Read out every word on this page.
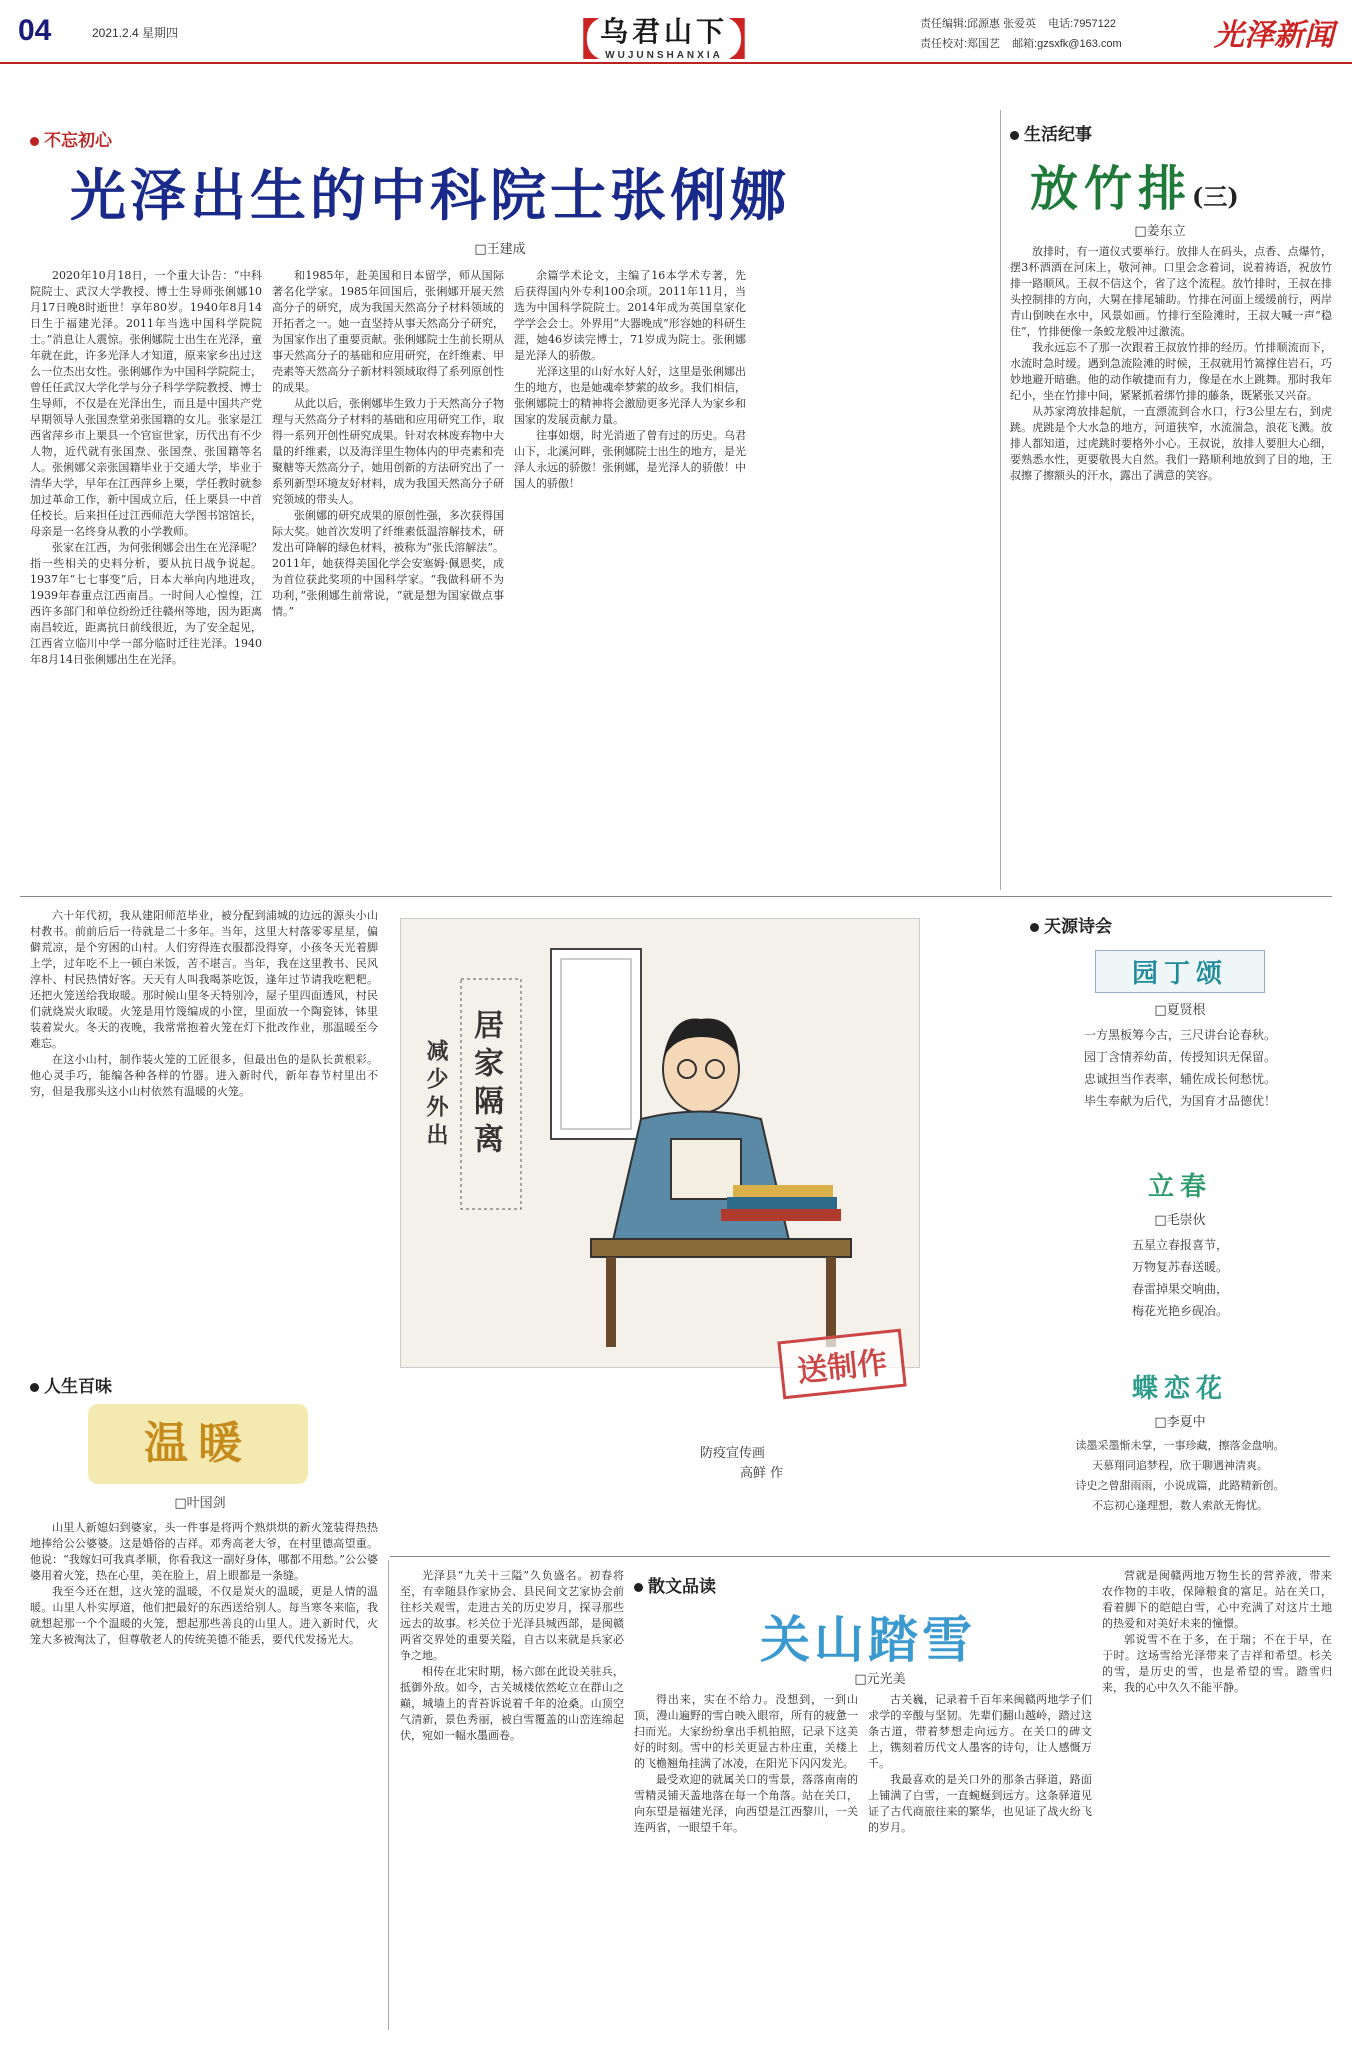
04	2021.2.4 星期四	【 乌君山下
WUJUNSHANXIA 】	责任编辑:邱源惠 张爱英 电话:7957122
责任校对:郑国艺 邮箱:gzsxfk@163.com	光泽新闻
不忘初心
光泽出生的中科院士张俐娜
□王建成

2020年10月18日，一个重大讣告：“中科院院士、武汉大学教授、博士生导师张俐娜10月17日晚8时逝世！享年80岁。1940年8月14日生于福建光泽。2011年当选中国科学院院士。”消息让人震惊。张俐娜院士出生在光泽，童年就在此，许多光泽人才知道，原来家乡出过这么一位杰出女性。张俐娜作为中国科学院院士，曾任任武汉大学化学与分子科学学院教授、博士生导师，不仅是在光泽出生，而且是中国共产党早期领导人张国焘堂弟张国籍的女儿。张家是江西省萍乡市上栗县一个官宦世家，历代出有不少人物，近代就有张国焘、张国焘、张国籍等名人。张俐娜父亲张国籍毕业于交通大学，毕业于清华大学，早年在江西萍乡上栗，学任教时就参加过革命工作，新中国成立后，任上栗县一中首任校长。后来担任过江西师范大学图书馆馆长，母亲是一名终身从教的小学教师。

张家在江西，为何张俐娜会出生在光泽呢？指一些相关的史料分析，要从抗日战争说起。1937年“七七事变”后，日本大举向内地进攻，1939年春重点江西南昌。一时间人心惶惶，江西许多部门和单位纷纷迁往赣州等地，因为距离南昌较近，距离抗日前线很近，为了安全起见，江西省立临川中学一部分临时迁往光泽。1940年8月14日张俐娜出生在光泽。

和1985年，赴美国和日本留学，师从国际著名化学家。1985年回国后，张俐娜开展天然高分子的研究，成为我国天然高分子材料领域的开拓者之一。她一直坚持从事天然高分子研究，为国家作出了重要贡献。张俐娜院士生前长期从事天然高分子的基础和应用研究，在纤维素、甲壳素等天然高分子新材料领域取得了系列原创性的成果。

从此以后，张俐娜毕生致力于天然高分子物理与天然高分子材料的基础和应用研究工作，取得一系列开创性研究成果。针对农林废弃物中大量的纤维素，以及海洋里生物体内的甲壳素和壳聚糖等天然高分子，她用创新的方法研究出了一系列新型环境友好材料，成为我国天然高分子研究领域的带头人。

张俐娜的研究成果的原创性强，多次获得国际大奖。她首次发明了纤维素低温溶解技术，研发出可降解的绿色材料，被称为“张氏溶解法”。2011年，她获得美国化学会安塞姆·佩恩奖，成为首位获此奖项的中国科学家。“我做科研不为功利，”张俐娜生前常说，“就是想为国家做点事情。”

余篇学术论文，主编了16本学术专著，先后获得国内外专利100余项。2011年11月，当选为中国科学院院士。2014年成为英国皇家化学学会会士。外界用“大器晚成”形容她的科研生涯，她46岁读完博士，71岁成为院士。张俐娜是光泽人的骄傲。

光泽这里的山好水好人好，这里是张俐娜出生的地方，也是她魂牵梦萦的故乡。我们相信，张俐娜院士的精神将会激励更多光泽人为家乡和国家的发展贡献力量。

往事如烟，时光消逝了曾有过的历史。乌君山下，北溪河畔，张俐娜院士出生的地方，是光泽人永远的骄傲！张俐娜，是光泽人的骄傲！中国人的骄傲！

生活纪事
放竹排(三)
□姜东立

放排时，有一道仪式要举行。放排人在码头，点香、点爆竹，摆3杯酒酒在河床上，敬河神。口里会念着词，说着祷语，祝放竹排一路顺风。王叔不信这个，省了这个流程。放竹排时，王叔在排头控制排的方向，大舅在排尾辅助。竹排在河面上缓缓前行，两岸青山倒映在水中，风景如画。竹排行至险滩时，王叔大喊一声“稳住”，竹排便像一条蛟龙般冲过激流。

我永远忘不了那一次跟着王叔放竹排的经历。竹排顺流而下，水流时急时缓。遇到急流险滩的时候，王叔就用竹篙撑住岩石，巧妙地避开暗礁。他的动作敏捷而有力，像是在水上跳舞。那时我年纪小，坐在竹排中间，紧紧抓着绑竹排的藤条，既紧张又兴奋。

从苏家湾放排起航，一直漂流到合水口，行3公里左右，到虎跳。虎跳是个大水急的地方，河道狭窄，水流湍急，浪花飞溅。放排人都知道，过虎跳时要格外小心。王叔说，放排人要胆大心细，要熟悉水性，更要敬畏大自然。我们一路顺利地放到了目的地，王叔擦了擦额头的汗水，露出了满意的笑容。

六十年代初，我从建阳师范毕业，被分配到浦城的边远的源头小山村教书。前前后后一待就是二十多年。当年，这里大村落零零星星，偏僻荒凉，是个穷困的山村。人们穷得连衣服都没得穿，小孩冬天光着脚上学，过年吃不上一顿白米饭，苦不堪言。当年，我在这里教书、民风淳朴、村民热情好客。天天有人叫我喝茶吃饭，逢年过节请我吃粑粑。还把火笼送给我取暖。那时候山里冬天特别冷，屋子里四面透风，村民们就烧炭火取暖。火笼是用竹篾编成的小筐，里面放一个陶瓷钵，钵里装着炭火。冬天的夜晚，我常常抱着火笼在灯下批改作业，那温暖至今难忘。

在这小山村，制作装火笼的工匠很多，但最出色的是队长黄根彩。他心灵手巧，能编各种各样的竹器。进入新时代，新年春节村里出不穷，但是我那头这小山村依然有温暖的火笼。	居家隔离
减少外出
送制作
防疫宣传画
高鲜 作
天源诗会
园丁颂
□夏贤根
一方黑板筹今古，三尺讲台论春秋。
园丁含情养幼苗，传授知识无保留。
忠诚担当作表率，辅佐成长何愁忧。
毕生奉献为后代，为国育才品德优！
立春
□毛崇伙
五星立春报喜节，
万物复苏春送暖。
春雷掉果交响曲，
梅花光艳乡砚冶。
蝶恋花
□李夏中
读墨采墨惭未掌，一事珍藏，擦落金盘响。
天慕翔同追梦程，欣于聊遇神清爽。
诗史之曾甜雨雨，小说成篇，此路精新创。
不忘初心逢理想，数人索歆无悔忧。
人生百味
温暖
□叶国剑

山里人新媳妇到婆家，头一件事是将两个熟烘烘的新火笼装得热热地捧给公公婆婆。这是婚俗的吉祥。邓秀高老大爷，在村里德高望重。他说：“我嫁妇可我真孝顺，你看我这一副好身体，哪都不用愁。”公公婆婆用着火笼，热在心里，美在脸上，眉上眼都是一条缝。

我至今还在想，这火笼的温暖，不仅是炭火的温暖，更是人情的温暖。山里人朴实厚道，他们把最好的东西送给别人。每当寒冬来临，我就想起那一个个温暖的火笼，想起那些善良的山里人。进入新时代，火笼大多被淘汰了，但尊敬老人的传统美德不能丢，要代代发扬光大。

光泽县“九关十三隘”久负盛名。初春将至，有幸随县作家协会、县民间文艺家协会前往杉关观雪，走进古关的历史岁月，探寻那些远去的故事。杉关位于光泽县城西部，是闽赣两省交界处的重要关隘，自古以来就是兵家必争之地。

相传在北宋时期，杨六郎在此设关驻兵，抵御外敌。如今，古关城楼依然屹立在群山之巅，城墙上的青苔诉说着千年的沧桑。山顶空气清新，景色秀丽，被白雪覆盖的山峦连绵起伏，宛如一幅水墨画卷。

散文品读
关山踏雪
□元光美

得出来，实在不给力。没想到，一到山顶，漫山遍野的雪白映入眼帘，所有的疲惫一扫而光。大家纷纷拿出手机拍照，记录下这美好的时刻。雪中的杉关更显古朴庄重，关楼上的飞檐翘角挂满了冰凌，在阳光下闪闪发光。

最受欢迎的就属关口的雪景，落落南南的雪精灵铺天盖地落在每一个角落。站在关口，向东望是福建光泽，向西望是江西黎川，一关连两省，一眼望千年。

古关巍，记录着千百年来闽赣两地学子们求学的辛酸与坚韧。先辈们翻山越岭，踏过这条古道，带着梦想走向远方。在关口的碑文上，镌刻着历代文人墨客的诗句，让人感慨万千。

我最喜欢的是关口外的那条古驿道，路面上铺满了白雪，一直蜿蜒到远方。这条驿道见证了古代商旅往来的繁华，也见证了战火纷飞的岁月。

营就是闽赣两地万物生长的营养液，带来农作物的丰收，保障粮食的富足。站在关口，看着脚下的皑皑白雪，心中充满了对这片土地的热爱和对美好未来的憧憬。

郭说雪不在于多，在于瑞；不在于早，在于时。这场雪给光泽带来了吉祥和希望。杉关的雪，是历史的雪，也是希望的雪。踏雪归来，我的心中久久不能平静。
